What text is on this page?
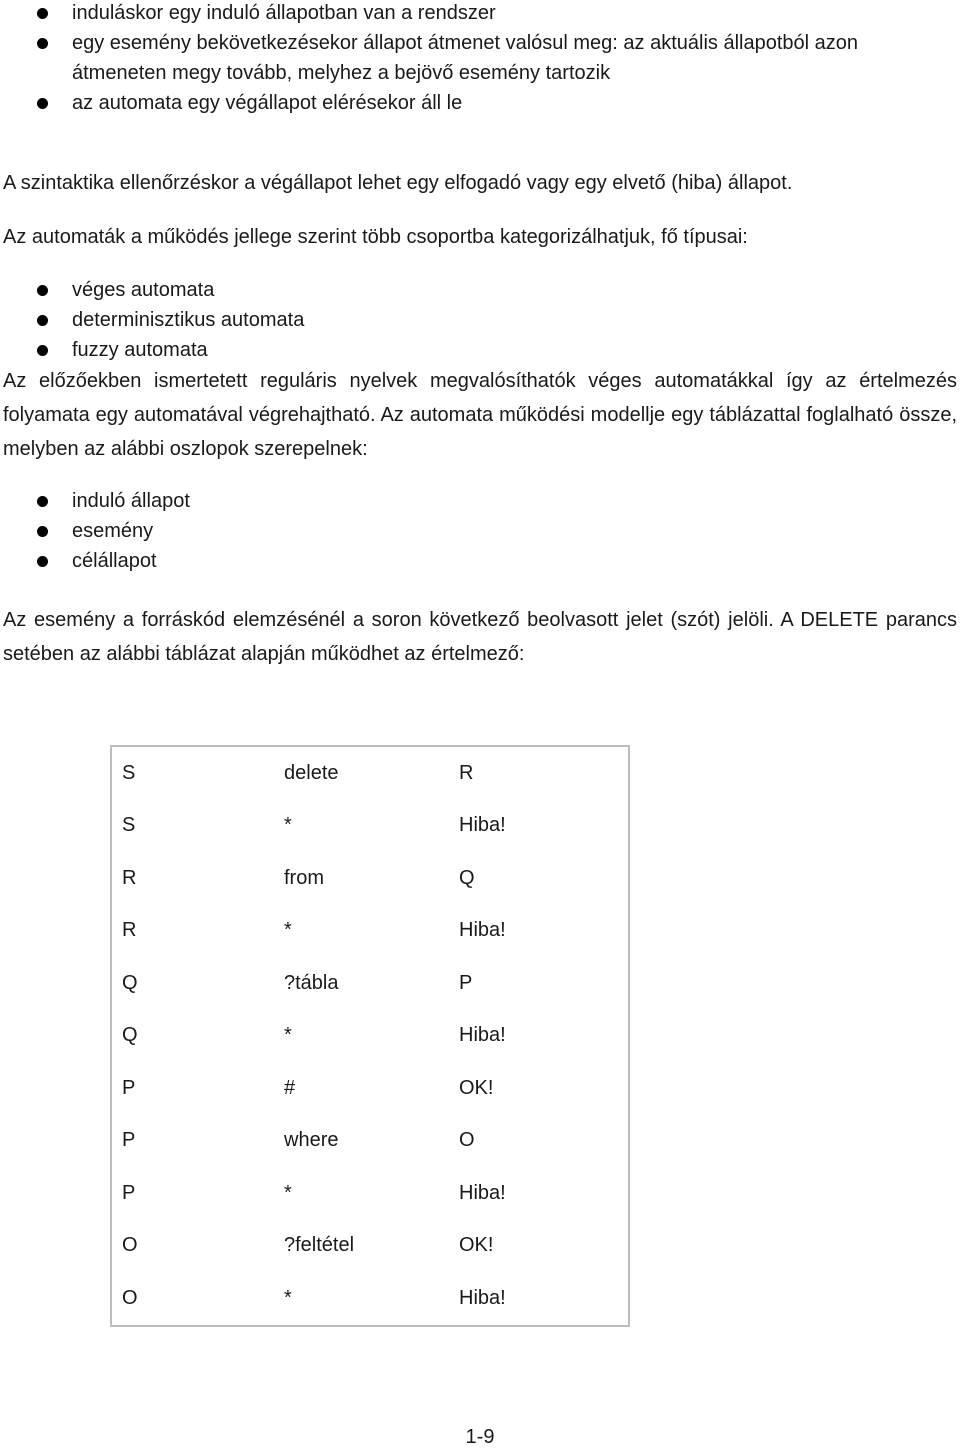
induláskor egy induló állapotban van a rendszer
egy esemény bekövetkezésekor állapot átmenet valósul meg: az aktuális állapotból azon
átmeneten megy tovább, melyhez a bejövő esemény tartozik
az automata egy végállapot elérésekor áll le

A szintaktika ellenőrzéskor a végállapot lehet egy elfogadó vagy egy elvető (hiba) állapot.

Az automaták a működés jellege szerint több csoportba kategorizálhatjuk, fő típusai:

véges automata
determinisztikus automata
fuzzy automata

Az előzőekben ismertetett reguláris nyelvek megvalósíthatók véges automatákkal így az értelmezés folyamata egy automatával végrehajtható. Az automata működési modellje egy táblázattal foglalható össze, melyben az alábbi oszlopok szerepelnek:

induló állapot
esemény
célállapot

Az esemény a forráskód elemzésénél a soron következő beolvasott jelet (szót) jelöli. A DELETE parancs setében az alábbi táblázat alapján működhet az értelmező:

S	delete	R
S	*	Hiba!
R	from	Q
R	*	Hiba!
Q	?tábla	P
Q	*	Hiba!
P	#	OK!
P	where	O
P	*	Hiba!
O	?feltétel	OK!
O	*	Hiba!
1-9
